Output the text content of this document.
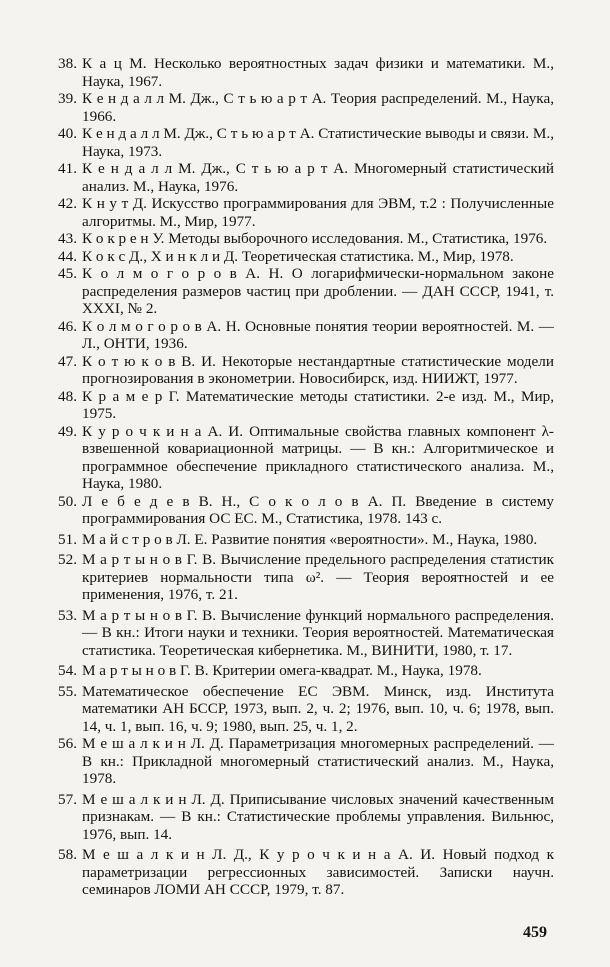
38. К а ц М. Несколько вероятностных задач физики и математики. М., Наука, 1967.
39. К е н д а л л М. Дж., С т ь ю а р т А. Теория распределений. М., Наука, 1966.
40. К е н д а л л М. Дж., С т ь ю а р т А. Статистические выводы и связи. М., Наука, 1973.
41. К е н д а л л М. Дж., С т ь ю а р т А. Многомерный статистический анализ. М., Наука, 1976.
42. К н у т Д. Искусство программирования для ЭВМ, т.2 : Получисленные алгоритмы. М., Мир, 1977.
43. К о к р е н У. Методы выборочного исследования. М., Статистика, 1976.
44. К о к с Д., Х и н к л и Д. Теоретическая статистика. М., Мир, 1978.
45. К о л м о г о р о в А. Н. О логарифмически-нормальном законе распределения размеров частиц при дроблении. — ДАН СССР, 1941, т. XXXI, № 2.
46. К о л м о г о р о в А. Н. Основные понятия теории вероятностей. М. — Л., ОНТИ, 1936.
47. К о т ю к о в В. И. Некоторые нестандартные статистические модели прогнозирования в эконометрии. Новосибирск, изд. НИИЖТ, 1977.
48. К р а м е р Г. Математические методы статистики. 2-е изд. М., Мир, 1975.
49. К у р о ч к и н а А. И. Оптимальные свойства главных компонент λ-взвешенной ковариационной матрицы. — В кн.: Алгоритмическое и программное обеспечение прикладного статистического анализа. М., Наука, 1980.
50. Л е б е д е в В. Н., С о к о л о в А. П. Введение в систему программирования ОС ЕС. М., Статистика, 1978. 143 с.
51. М а й с т р о в Л. Е. Развитие понятия «вероятности». М., Наука, 1980.
52. М а р т ы н о в Г. В. Вычисление предельного распределения статистик критериев нормальности типа ω². — Теория вероятностей и ее применения, 1976, т. 21.
53. М а р т ы н о в Г. В. Вычисление функций нормального распределения. — В кн.: Итоги науки и техники. Теория вероятностей. Математическая статистика. Теоретическая кибернетика. М., ВИНИТИ, 1980, т. 17.
54. М а р т ы н о в Г. В. Критерии омега-квадрат. М., Наука, 1978.
55. Математическое обеспечение ЕС ЭВМ. Минск, изд. Института математики АН БССР, 1973, вып. 2, ч. 2; 1976, вып. 10, ч. 6; 1978, вып. 14, ч. 1, вып. 16, ч. 9; 1980, вып. 25, ч. 1, 2.
56. М е ш а л к и н Л. Д. Параметризация многомерных распределений. — В кн.: Прикладной многомерный статистический анализ. М., Наука, 1978.
57. М е ш а л к и н Л. Д. Приписывание числовых значений качественным признакам. — В кн.: Статистические проблемы управления. Вильнюс, 1976, вып. 14.
58. М е ш а л к и н Л. Д., К у р о ч к и н а А. И. Новый подход к параметризации регрессионных зависимостей. Записки научн. семинаров ЛОМИ АН СССР, 1979, т. 87.
459
